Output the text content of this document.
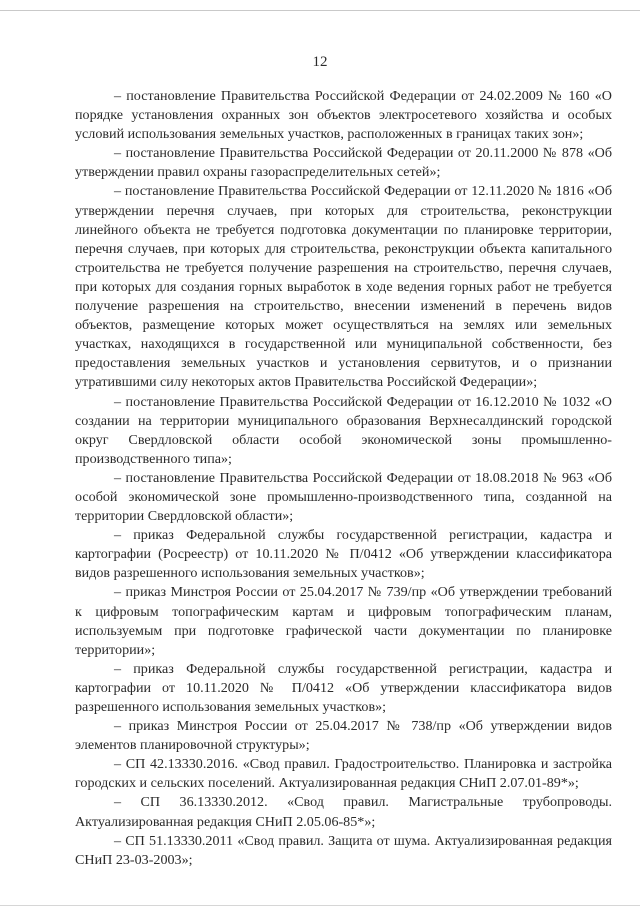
12

– постановление Правительства Российской Федерации от 24.02.2009 № 160 «О порядке установления охранных зон объектов электросетевого хозяйства и особых условий использования земельных участков, расположенных в границах таких зон»;

– постановление Правительства Российской Федерации от 20.11.2000 № 878 «Об утверждении правил охраны газораспределительных сетей»;

– постановление Правительства Российской Федерации от 12.11.2020 № 1816 «Об утверждении перечня случаев, при которых для строительства, реконструкции линейного объекта не требуется подготовка документации по планировке территории, перечня случаев, при которых для строительства, реконструкции объекта капитального строительства не требуется получение разрешения на строительство, перечня случаев, при которых для создания горных выработок в ходе ведения горных работ не требуется получение разрешения на строительство, внесении изменений в перечень видов объектов, размещение которых может осуществляться на землях или земельных участках, находящихся в государственной или муниципальной собственности, без предоставления земельных участков и установления сервитутов, и о признании утратившими силу некоторых актов Правительства Российской Федерации»;

– постановление Правительства Российской Федерации от 16.12.2010 № 1032 «О создании на территории муниципального образования Верхнесалдинский городской округ Свердловской области особой экономической зоны промышленно-производственного типа»;

– постановление Правительства Российской Федерации от 18.08.2018 № 963 «Об особой экономической зоне промышленно-производственного типа, созданной на территории Свердловской области»;

– приказ Федеральной службы государственной регистрации, кадастра и картографии (Росреестр) от 10.11.2020 № П/0412 «Об утверждении классификатора видов разрешенного использования земельных участков»;

– приказ Минстроя России от 25.04.2017 № 739/пр «Об утверждении требований к цифровым топографическим картам и цифровым топографическим планам, используемым при подготовке графической части документации по планировке территории»;

– приказ Федеральной службы государственной регистрации, кадастра и картографии от 10.11.2020 № П/0412 «Об утверждении классификатора видов разрешенного использования земельных участков»;

– приказ Минстроя России от 25.04.2017 № 738/пр «Об утверждении видов элементов планировочной структуры»;

– СП 42.13330.2016. «Свод правил. Градостроительство. Планировка и застройка городских и сельских поселений. Актуализированная редакция СНиП 2.07.01-89*»;

– СП 36.13330.2012. «Свод правил. Магистральные трубопроводы. Актуализированная редакция СНиП 2.05.06-85*»;

– СП 51.13330.2011 «Свод правил. Защита от шума. Актуализированная редакция СНиП 23-03-2003»;
